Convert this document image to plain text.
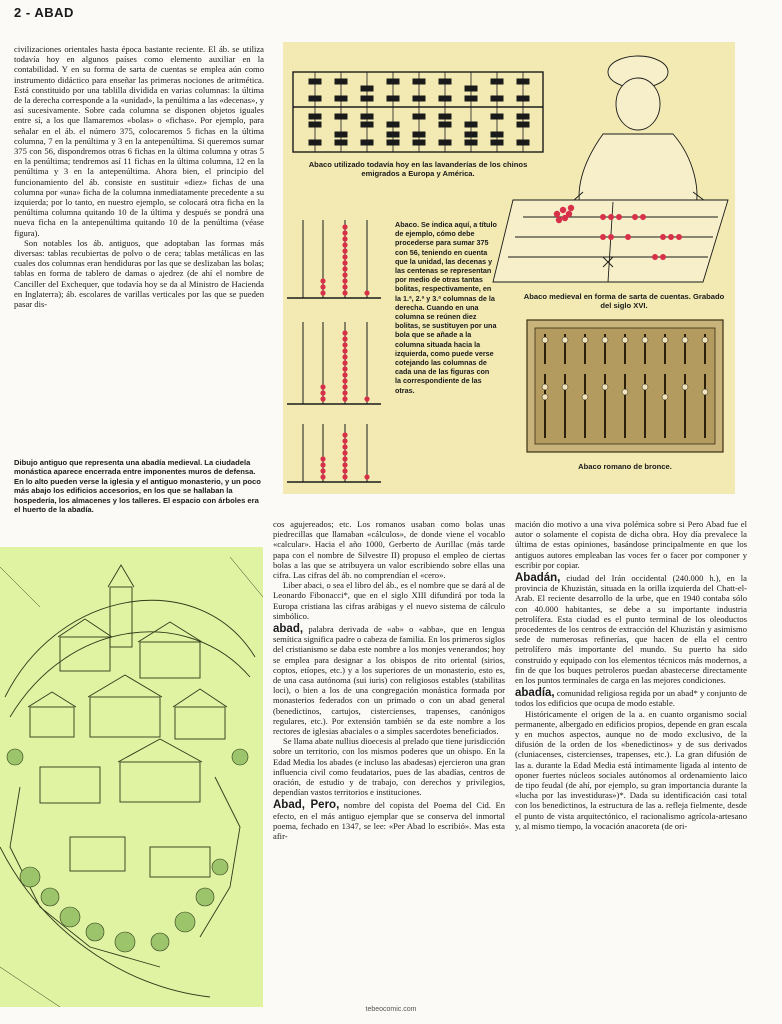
2 - ABAD

civilizaciones orientales hasta época bastante reciente. El áb. se utiliza todavía hoy en algunos países como elemento auxiliar en la contabilidad. Y en su forma de sarta de cuentas se emplea aún como instrumento didáctico para enseñar las primeras nociones de aritmética. Está constituido por una tablilla dividida en varias columnas: la última de la derecha corresponde a la «unidad», la penúltima a las «decenas», y así sucesivamente. Sobre cada columna se disponen objetos iguales entre sí, a los que llamaremos «bolas» o «fichas». Por ejemplo, para señalar en el áb. el número 375, colocaremos 5 fichas en la última columna, 7 en la penúltima y 3 en la antepenúltima. Si queremos sumar 375 con 56, dispondremos otras 6 fichas en la última columna y otras 5 en la penúltima; tendremos así 11 fichas en la última columna, 12 en la penúltima y 3 en la antepenúltima. Ahora bien, el principio del funcionamiento del áb. consiste en sustituir «diez» fichas de una columna por «una» ficha de la columna inmediatamente precedente a su izquierda; por lo tanto, en nuestro ejemplo, se colocará otra ficha en la penúltima columna quitando 10 de la última y después se pondrá una nueva ficha en la antepenúltima quitando 10 de la penúltima (véase figura).

Son notables los áb. antiguos, que adoptaban las formas más diversas: tablas recubiertas de polvo o de cera; tablas metálicas en las cuales dos columnas eran hendiduras por las que se deslizaban las bolas; tablas en forma de tablero de damas o ajedrez (de ahí el nombre de Canciller del Exchequer, que todavía hoy se da al Ministro de Hacienda en Inglaterra); áb. escolares de varillas verticales por las que se pueden pasar dis-

Dibujo antiguo que representa una abadía medieval. La ciudadela monástica aparece encerrada entre imponentes muros de defensa. En lo alto pueden verse la iglesia y el antiguo monasterio, y un poco más abajo los edificios accesorios, en los que se hallaban la hospedería, los almacenes y los talleres. El espacio con árboles era el huerto de la abadía.
Abaco utilizado todavía hoy en las lavanderías de los chinos emigrados a Europa y América.
Abaco. Se indica aquí, a título de ejemplo, cómo debe procederse para sumar 375 con 56, teniendo en cuenta que la unidad, las decenas y las centenas se representan por medio de otras tantas bolitas, respectivamente, en la 1.ª, 2.ª y 3.ª columnas de la derecha. Cuando en una columna se reúnen diez bolitas, se sustituyen por una bola que se añade a la columna situada hacia la izquierda, como puede verse cotejando las columnas de cada una de las figuras con la correspondiente de las otras.
Abaco medieval en forma de sarta de cuentas. Grabado del siglo XVI.
Abaco romano de bronce.

cos agujereados; etc. Los romanos usaban como bolas unas piedrecillas que llamaban «cálculos», de donde viene el vocablo «calcular». Hacia el año 1000, Gerberto de Aurillac (más tarde papa con el nombre de Silvestre II) propuso el empleo de ciertas bolas a las que se atribuyera un valor escribiendo sobre ellas una cifra. Las cifras del áb. no comprendían el «cero».

Liber abaci, o sea el libro del áb., es el nombre que se dará al de Leonardo Fibonacci*, que en el siglo XIII difundirá por toda la Europa cristiana las cifras arábigas y el nuevo sistema de cálculo simbólico.

abad, palabra derivada de «ab» o «abba», que en lengua semítica significa padre o cabeza de familia. En los primeros siglos del cristianismo se daba este nombre a los monjes venerandos; hoy se emplea para designar a los obispos de rito oriental (sirios, coptos, etíopes, etc.) y a los superiores de un monasterio, esto es, de una casa autónoma (sui iuris) con religiosos estables (stabilitas loci), o bien a los de una congregación monástica formada por monasterios federados con un primado o con un abad general (benedictinos, cartujos, cistercienses, trapenses, canónigos regulares, etc.). Por extensión también se da este nombre a los rectores de iglesias abaciales o a simples sacerdotes beneficiados.

Se llama abate nullius dioecesis al prelado que tiene jurisdicción sobre un territorio, con los mismos poderes que un obispo. En la Edad Media los abades (e incluso las abadesas) ejercieron una gran influencia civil como feudatarios, pues de las abadías, centros de oración, de estudio y de trabajo, con derechos y privilegios, dependían vastos territorios e instituciones.

Abad, Pero, nombre del copista del Poema del Cid. En efecto, en el más antiguo ejemplar que se conserva del inmortal poema, fechado en 1347, se lee: «Per Abad lo escribió». Mas esta afir-

mación dio motivo a una viva polémica sobre si Pero Abad fue el autor o solamente el copista de dicha obra. Hoy día prevalece la última de estas opiniones, basándose principalmente en que los antiguos autores empleaban las voces fer o facer por componer y escribir por copiar.

Abadán, ciudad del Irán occidental (240.000 h.), en la provincia de Khuzistán, situada en la orilla izquierda del Chatt-el-Arab. El reciente desarrollo de la urbe, que en 1940 contaba sólo con 40.000 habitantes, se debe a su importante industria petrolífera. Esta ciudad es el punto terminal de los oleoductos procedentes de los centros de extracción del Khuzistán y asimismo sede de numerosas refinerías, que hacen de ella el centro petrolífero más importante del mundo. Su puerto ha sido construido y equipado con los elementos técnicos más modernos, a fin de que los buques petroleros puedan abastecerse directamente en los puntos terminales de carga en las mejores condiciones.

abadía, comunidad religiosa regida por un abad* y conjunto de todos los edificios que ocupa de modo estable.

Históricamente el origen de la a. en cuanto organismo social permanente, albergado en edificios propios, depende en gran escala y en muchos aspectos, aunque no de modo exclusivo, de la difusión de la orden de los «benedictinos» y de sus derivados (cluniacenses, cistercienses, trapenses, etc.). La gran difusión de las a. durante la Edad Media está íntimamente ligada al intento de oponer fuertes núcleos sociales autónomos al ordenamiento laico de tipo feudal (de ahí, por ejemplo, su gran importancia durante la «lucha por las investiduras»)*. Dada su identificación casi total con los benedictinos, la estructura de las a. refleja fielmente, desde el punto de vista arquitectónico, el racionalismo agrícola-artesano y, al mismo tiempo, la vocación anacoreta (de ori-

tebeocomic.com
